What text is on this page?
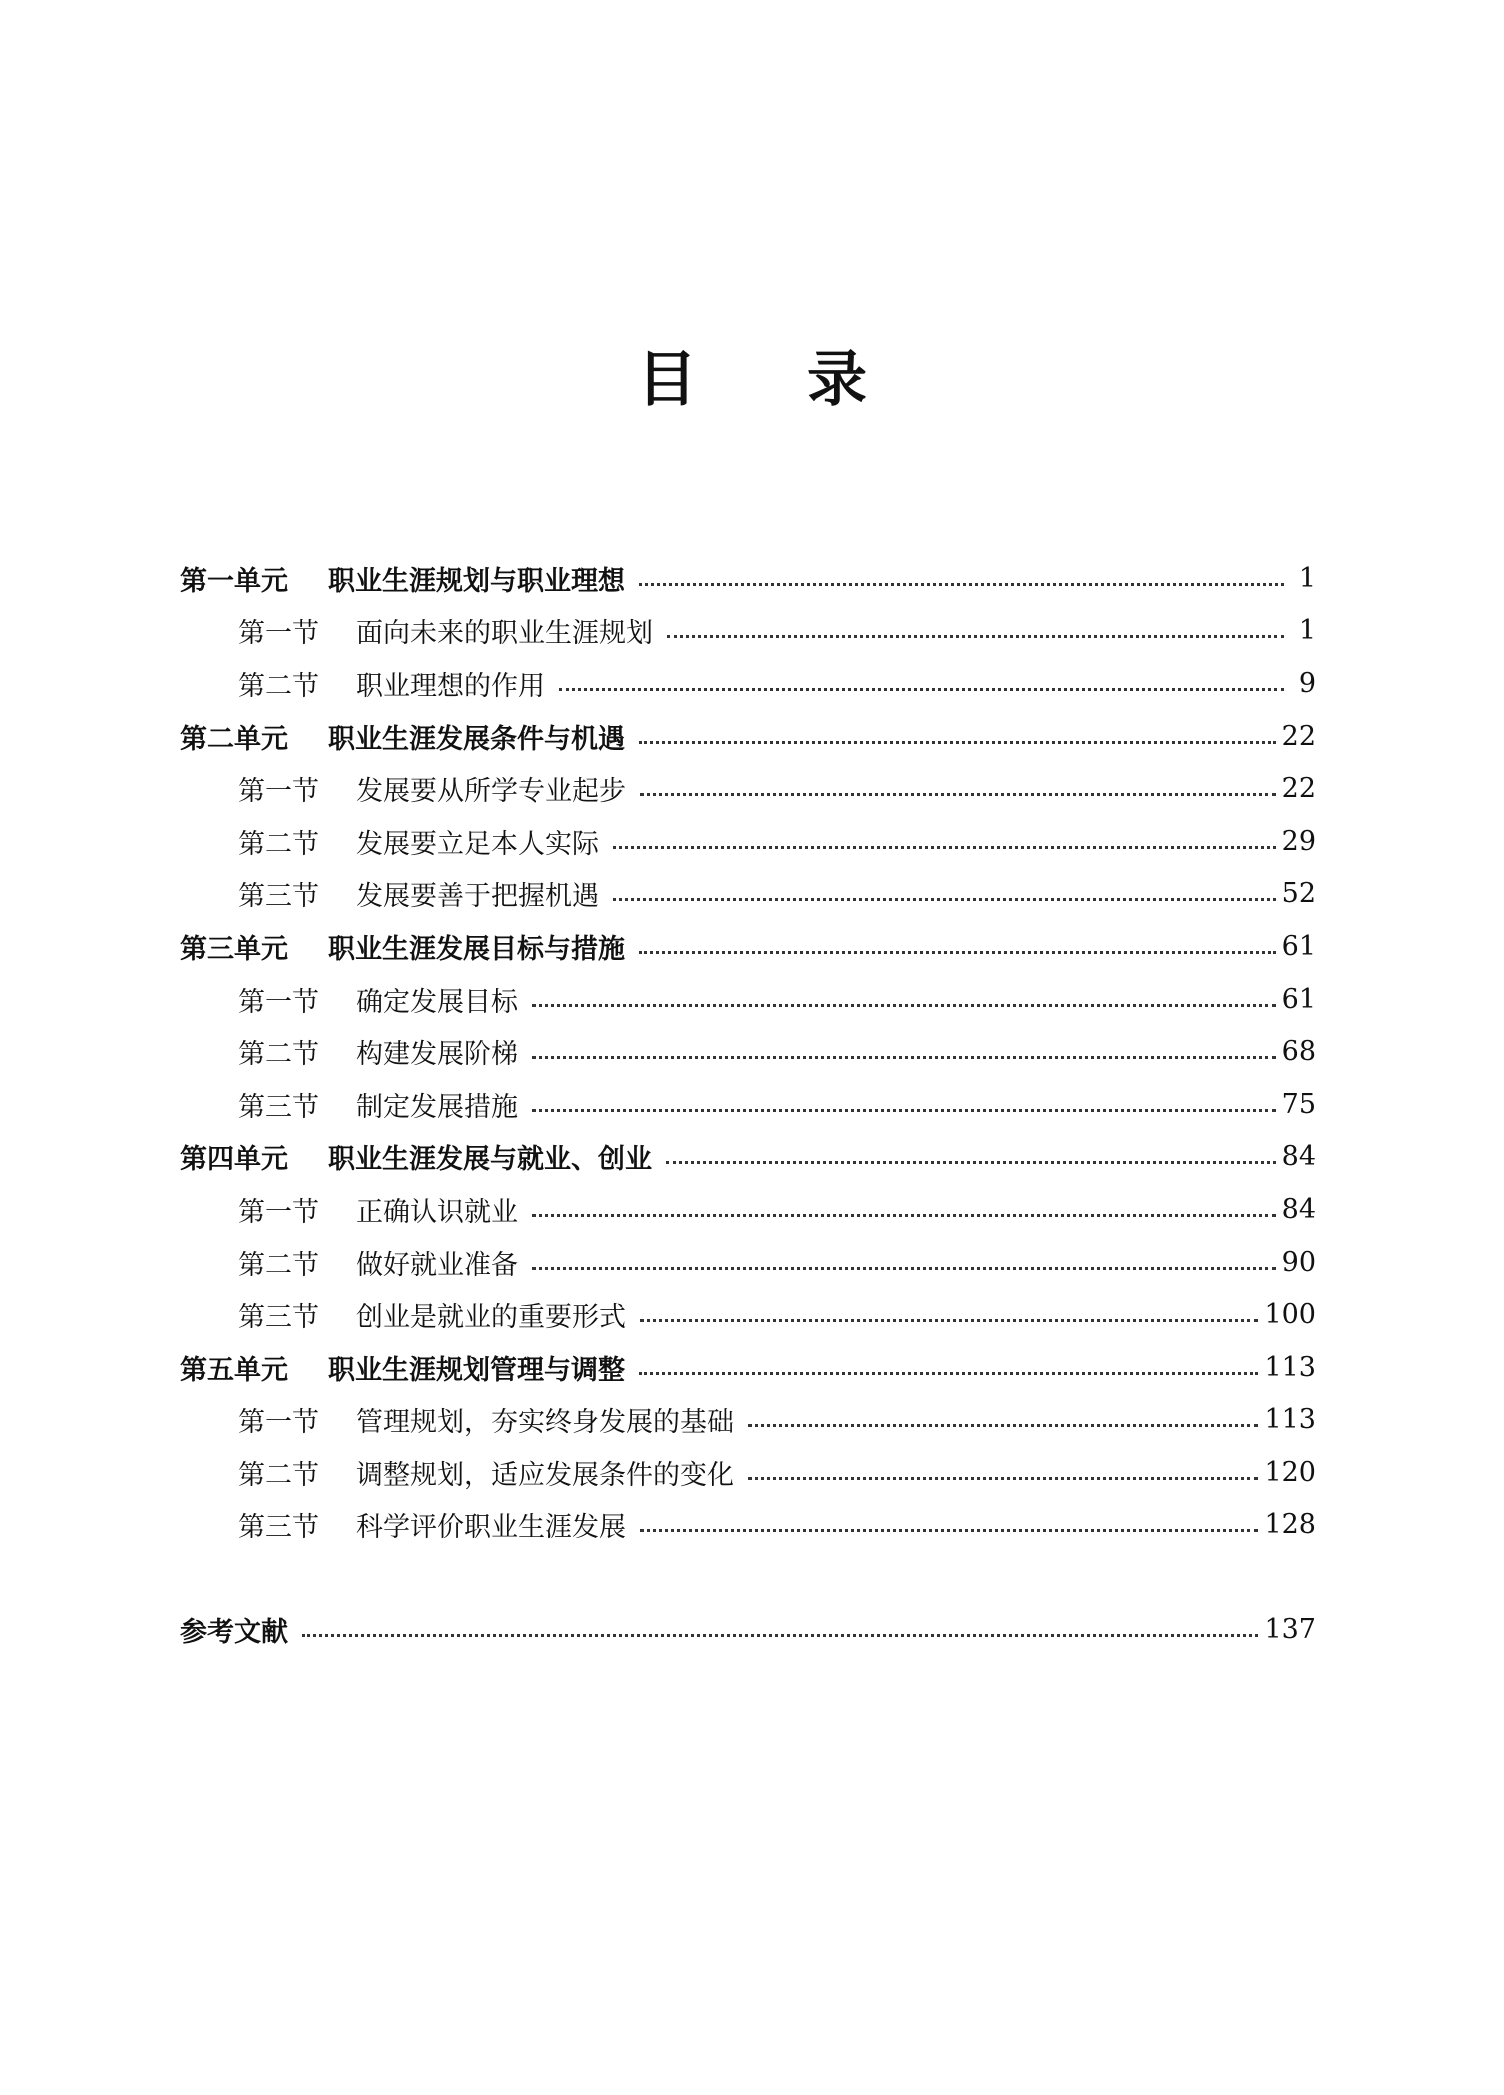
目录
第一单元	职业生涯规划与职业理想	1
第一节	面向未来的职业生涯规划	1
第二节	职业理想的作用	9
第二单元	职业生涯发展条件与机遇	22
第一节	发展要从所学专业起步	22
第二节	发展要立足本人实际	29
第三节	发展要善于把握机遇	52
第三单元	职业生涯发展目标与措施	61
第一节	确定发展目标	61
第二节	构建发展阶梯	68
第三节	制定发展措施	75
第四单元	职业生涯发展与就业、创业	84
第一节	正确认识就业	84
第二节	做好就业准备	90
第三节	创业是就业的重要形式	100
第五单元	职业生涯规划管理与调整	113
第一节	管理规划，夯实终身发展的基础	113
第二节	调整规划，适应发展条件的变化	120
第三节	科学评价职业生涯发展	128
参考文献	137
